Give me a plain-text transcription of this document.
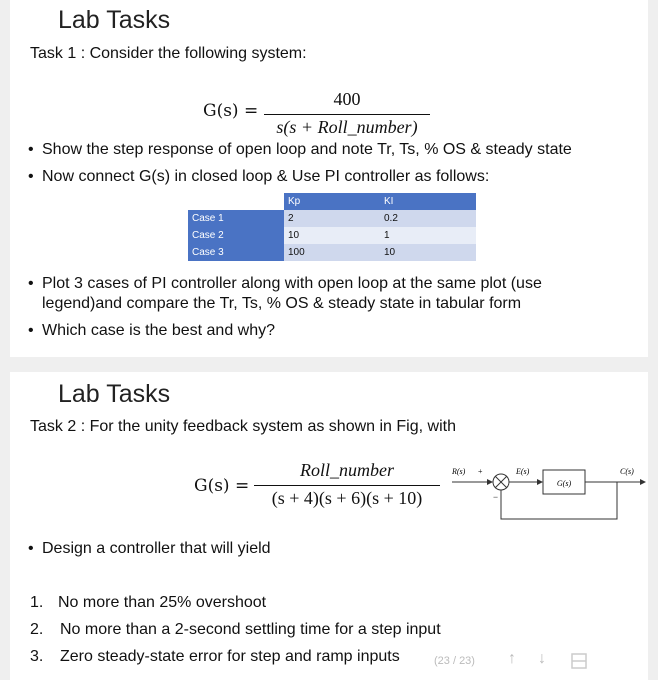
Lab Tasks
Task 1 : Consider the following system:
G(s) =
400
s(s + Roll_number)
• Show the step response of open loop and note Tr, Ts, % OS & steady state
• Now connect G(s) in closed loop & Use PI controller as follows:
	Kp	KI
Case 1	2	0.2
Case 2	10	1
Case 3	100	10
• Plot 3 cases of PI controller along with open loop at the same plot (use
legend)and compare the Tr, Ts, % OS & steady state in tabular form
• Which case is the best and why?
Lab Tasks
Task 2 : For the unity feedback system as shown in Fig, with
G(s) =
Roll_number
(s + 4)(s + 6)(s + 10)
R(s) +
−
E(s)
G(s)
C(s)
• Design a controller that will yield
1. No more than 25% overshoot
2. No more than a 2-second settling time for a step input
3. Zero steady-state error for step and ramp inputs	(23 / 23) ↑ ↓
